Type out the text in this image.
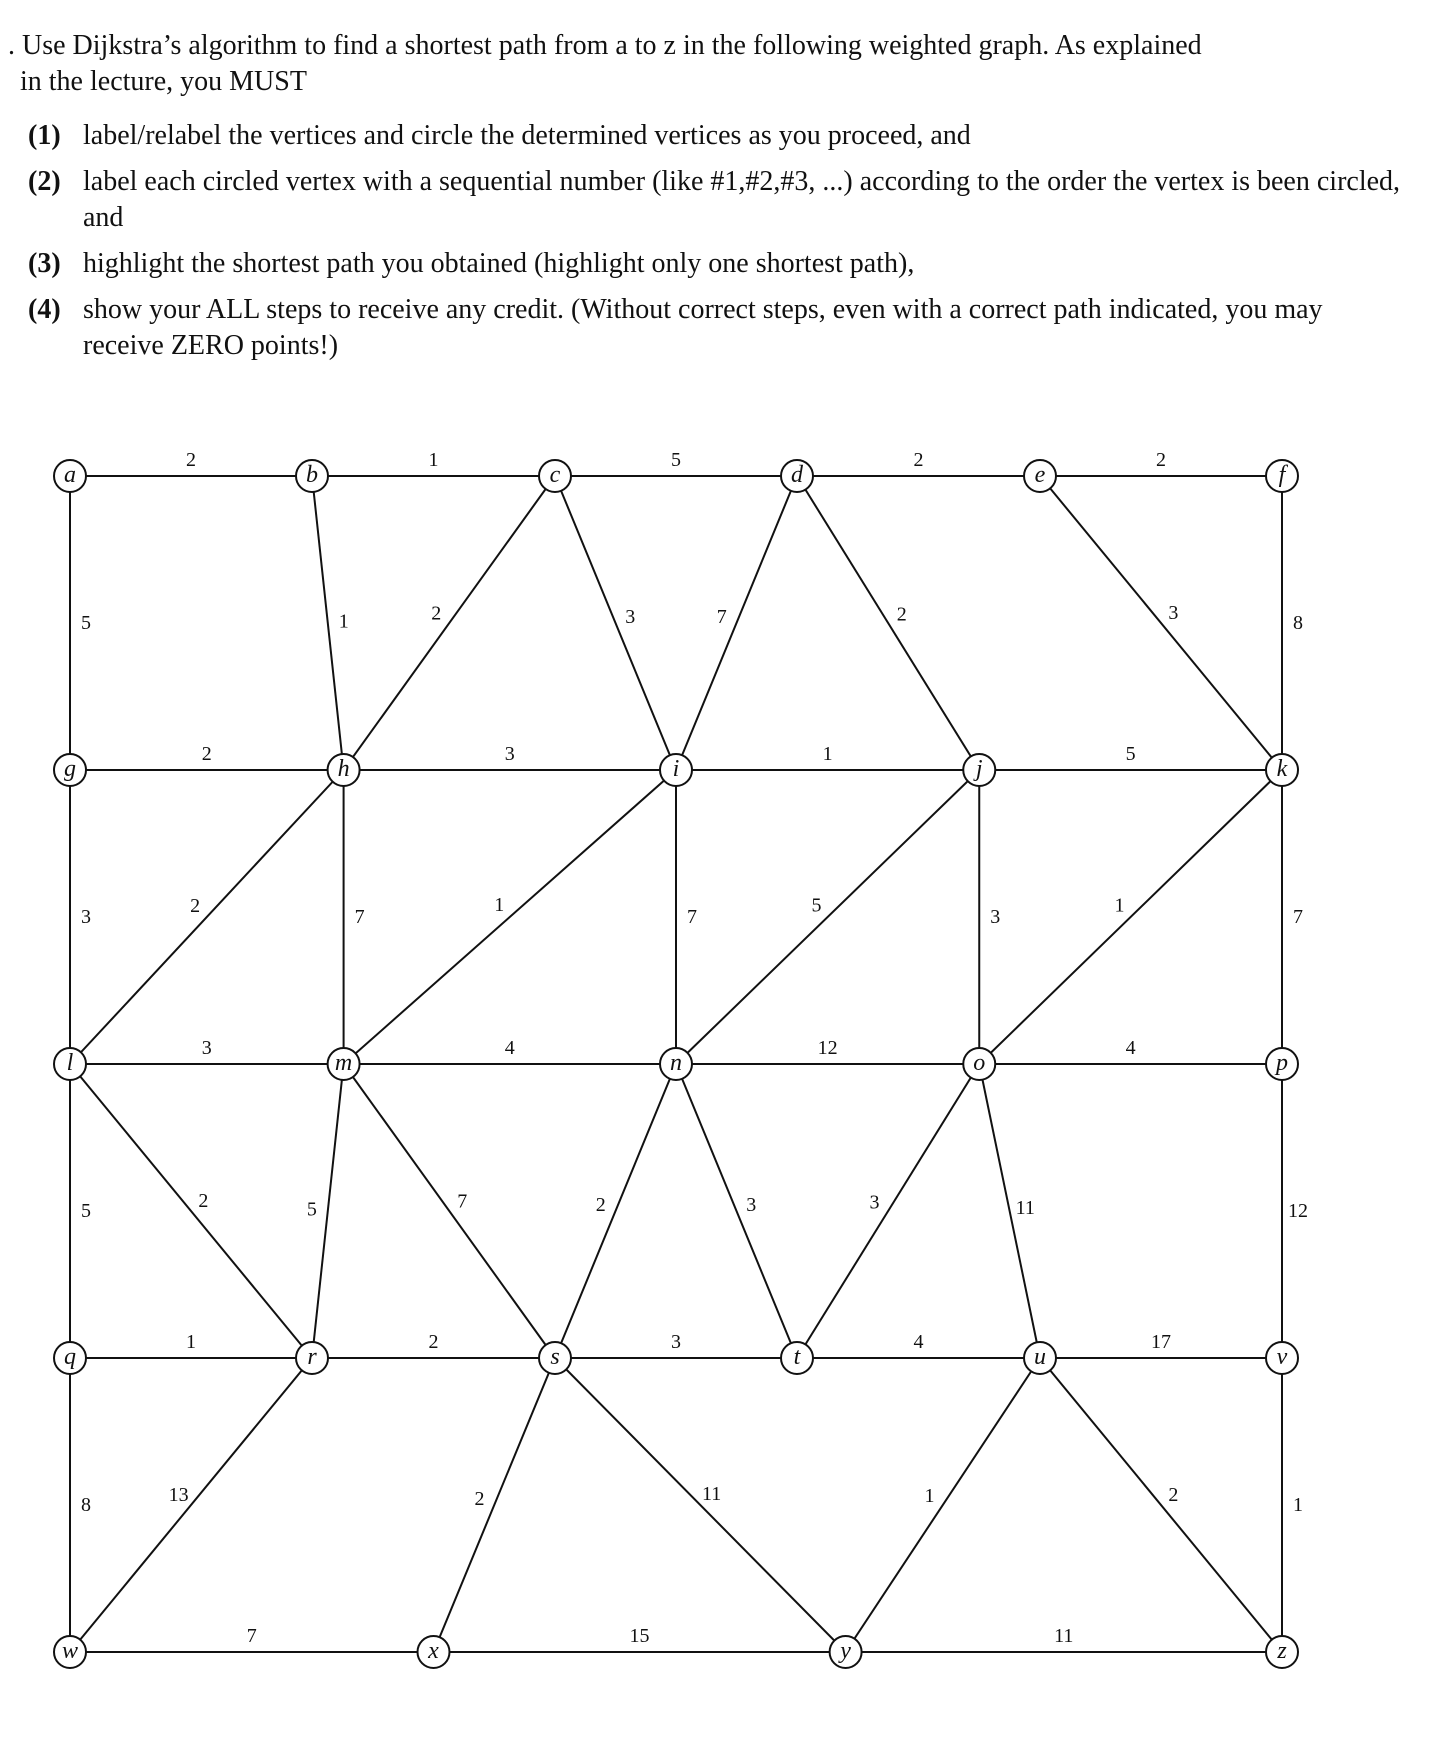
. Use Dijkstra’s algorithm to find a shortest path from a to z in the following weighted graph. As explained
in the lecture, you MUST

(1) label/relabel the vertices and circle the determined vertices as you proceed, and
(2) label each circled vertex with a sequential number (like #1,#2,#3, ...) according to the order the vertex is been circled, and
(3) highlight the shortest path you obtained (highlight only one shortest path),
(4) show your ALL steps to receive any credit. (Without correct steps, even with a correct path indicated, you may receive ZERO points!)
2	1	5	2	2
5	1	2	3	7	2	3	8
2	3	1	5
3	2	7
1
7
5
3
1
7
3	4	12	4
5	2	5	7	2	3	3	11	12
1	2	3	4	17
8	13	2	11	1	2	1
7	15	11
a	b	c	d	e	f
g	h	i	j	k
l	m	n	o	p
q	r	s	t	u	v
w	x	y	z
